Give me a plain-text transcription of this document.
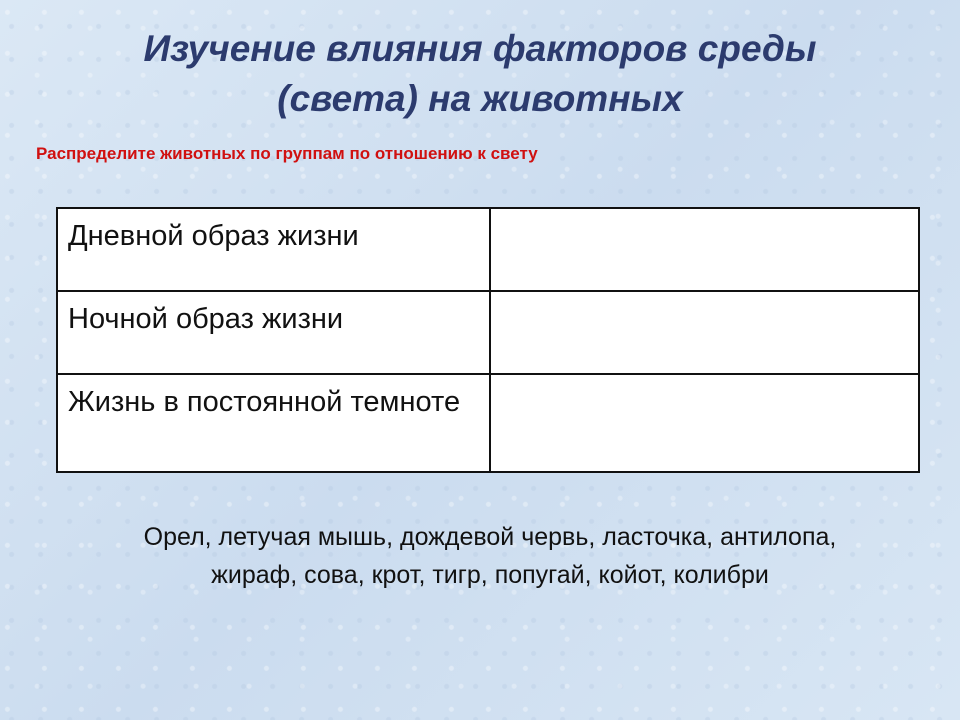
Изучение влияния факторов среды
(света) на животных
Распределите животных по группам по отношению к свету
Дневной образ жизни	
Ночной образ жизни	
Жизнь в постоянной темноте	
Орел, летучая мышь, дождевой червь, ласточка, антилопа, жираф, сова, крот, тигр, попугай, койот, колибри
